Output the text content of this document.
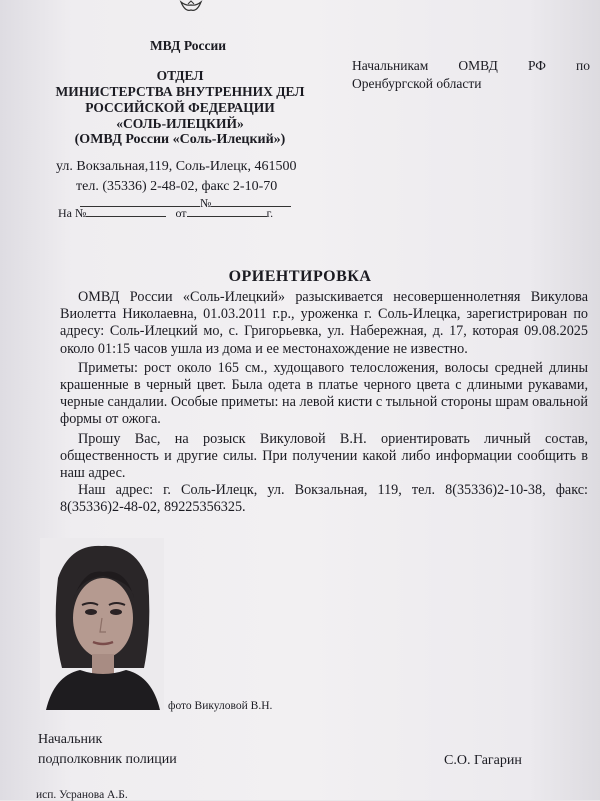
МВД России
ОТДЕЛ
МИНИСТЕРСТВА ВНУТРЕННИХ ДЕЛ
РОССИЙСКОЙ ФЕДЕРАЦИИ
«СОЛЬ-ИЛЕЦКИЙ»
(ОМВД России «Соль-Илецкий»)
ул. Вокзальная,119, Соль-Илецк, 461500
тел. (35336) 2-48-02, факс 2-10-70
№
На №	от	г.
Начальникам ОМВД РФ по
Оренбургской области
ОРИЕНТИРОВКА

ОМВД России «Соль-Илецкий» разыскивается несовершеннолетняя Викулова Виолетта Николаевна, 01.03.2011 г.р., уроженка г. Соль-Илецка, зарегистрирован по адресу: Соль-Илецкий мо, с. Григорьевка, ул. Набережная, д. 17, которая 09.08.2025 около 01:15 часов ушла из дома и ее местонахождение не известно.

Приметы: рост около 165 см., худощавого телосложения, волосы средней длины крашенные в черный цвет. Была одета в платье черного цвета с длиными рукавами, черные сандалии. Особые приметы: на левой кисти с тыльной стороны шрам овальной формы от ожога.

Прошу Вас, на розыск Викуловой В.Н. ориентировать личный состав, общественность и другие силы. При получении какой либо информации сообщить в наш адрес.

Наш адрес: г. Соль-Илецк, ул. Вокзальная, 119, тел. 8(35336)2-10-38, факс: 8(35336)2-48-02, 89225356325.

фото Викуловой В.Н.
Начальник
подполковник полиции	С.О. Гагарин
исп. Усранова А.Б.
